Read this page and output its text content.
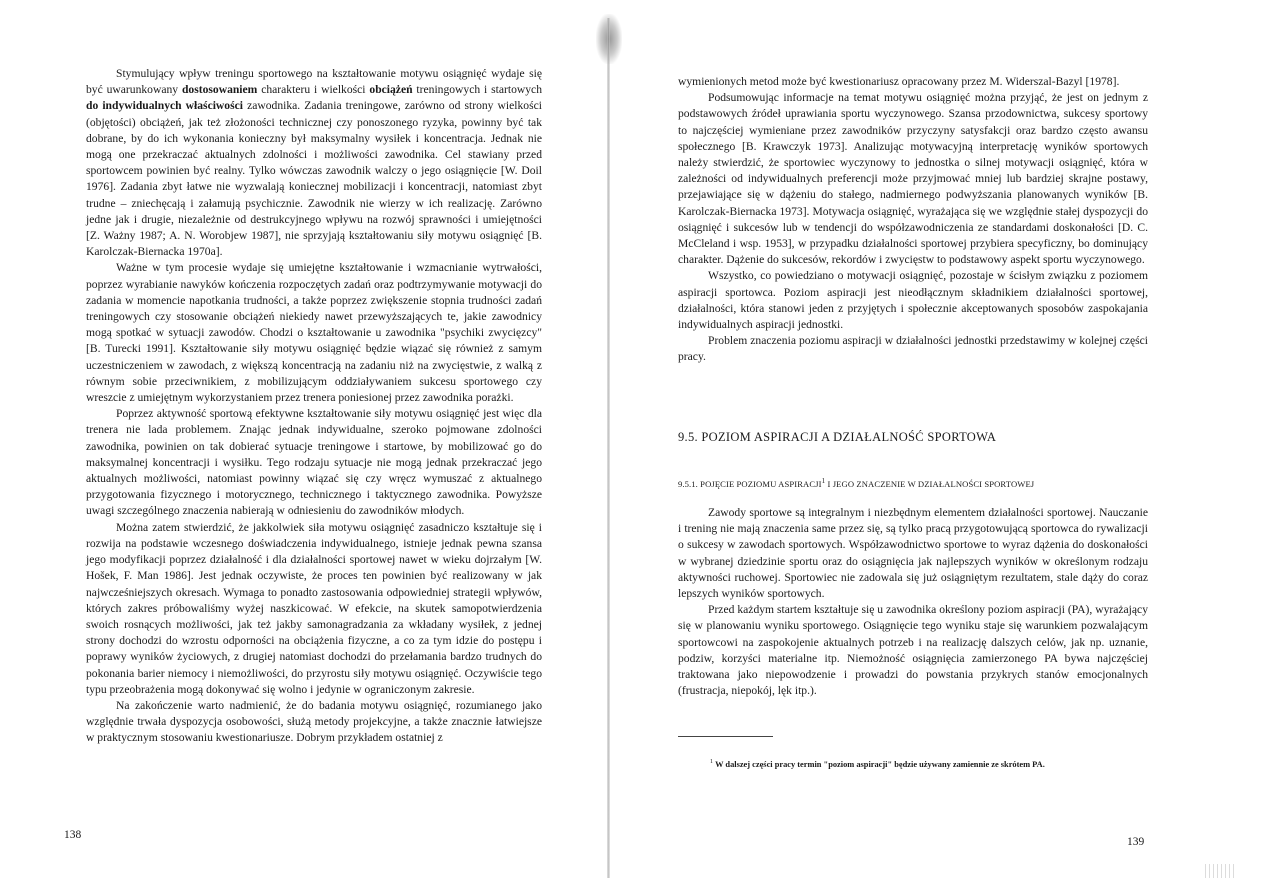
Stymulujący wpływ treningu sportowego na kształtowanie motywu osiągnięć wydaje się być uwarunkowany dostosowaniem charakteru i wielkości obciążeń treningowych i startowych do indywidualnych właściwości zawodnika. Zadania treningowe, zarówno od strony wielkości (objętości) obciążeń, jak też złożoności technicznej czy ponoszonego ryzyka, powinny być tak dobrane, by do ich wykonania konieczny był maksymalny wysiłek i koncentracja. Jednak nie mogą one przekraczać aktualnych zdolności i możliwości zawodnika. Cel stawiany przed sportowcem powinien być realny. Tylko wówczas zawodnik walczy o jego osiągnięcie [W. Doil 1976]. Zadania zbyt łatwe nie wyzwalają koniecznej mobilizacji i koncentracji, natomiast zbyt trudne – zniechęcają i załamują psychicznie. Zawodnik nie wierzy w ich realizację. Zarówno jedne jak i drugie, niezależnie od destrukcyjnego wpływu na rozwój sprawności i umiejętności [Z. Ważny 1987; A. N. Worobjew 1987], nie sprzyjają kształtowaniu siły motywu osiągnięć [B. Karolczak-Biernacka 1970a].

Ważne w tym procesie wydaje się umiejętne kształtowanie i wzmacnianie wytrwałości, poprzez wyrabianie nawyków kończenia rozpoczętych zadań oraz podtrzymywanie motywacji do zadania w momencie napotkania trudności, a także poprzez zwiększenie stopnia trudności zadań treningowych czy stosowanie obciążeń niekiedy nawet przewyższających te, jakie zawodnicy mogą spotkać w sytuacji zawodów. Chodzi o kształtowanie u zawodnika "psychiki zwycięzcy" [B. Turecki 1991]. Kształtowanie siły motywu osiągnięć będzie wiązać się również z samym uczestniczeniem w zawodach, z większą koncentracją na zadaniu niż na zwycięstwie, z walką z równym sobie przeciwnikiem, z mobilizującym oddziaływaniem sukcesu sportowego czy wreszcie z umiejętnym wykorzystaniem przez trenera poniesionej przez zawodnika porażki.

Poprzez aktywność sportową efektywne kształtowanie siły motywu osiągnięć jest więc dla trenera nie lada problemem. Znając jednak indywidualne, szeroko pojmowane zdolności zawodnika, powinien on tak dobierać sytuacje treningowe i startowe, by mobilizować go do maksymalnej koncentracji i wysiłku. Tego rodzaju sytuacje nie mogą jednak przekraczać jego aktualnych możliwości, natomiast powinny wiązać się czy wręcz wymuszać z aktualnego przygotowania fizycznego i motorycznego, technicznego i taktycznego zawodnika. Powyższe uwagi szczególnego znaczenia nabierają w odniesieniu do zawodników młodych.

Można zatem stwierdzić, że jakkolwiek siła motywu osiągnięć zasadniczo kształtuje się i rozwija na podstawie wczesnego doświadczenia indywidualnego, istnieje jednak pewna szansa jego modyfikacji poprzez działalność i dla działalności sportowej nawet w wieku dojrzałym [W. Hošek, F. Man 1986]. Jest jednak oczywiste, że proces ten powinien być realizowany w jak najwcześniejszych okresach. Wymaga to ponadto zastosowania odpowiedniej strategii wpływów, których zakres próbowaliśmy wyżej naszkicować. W efekcie, na skutek samopotwierdzenia swoich rosnących możliwości, jak też jakby samonagradzania za wkładany wysiłek, z jednej strony dochodzi do wzrostu odporności na obciążenia fizyczne, a co za tym idzie do postępu i poprawy wyników życiowych, z drugiej natomiast dochodzi do przełamania bardzo trudnych do pokonania barier niemocy i niemożliwości, do przyrostu siły motywu osiągnięć. Oczywiście tego typu przeobrażenia mogą dokonywać się wolno i jedynie w ograniczonym zakresie.

Na zakończenie warto nadmienić, że do badania motywu osiągnięć, rozumianego jako względnie trwała dyspozycja osobowości, służą metody projekcyjne, a także znacznie łatwiejsze w praktycznym stosowaniu kwestionariusze. Dobrym przykładem ostatniej z

138

wymienionych metod może być kwestionariusz opracowany przez M. Widerszal-Bazyl [1978].

Podsumowując informacje na temat motywu osiągnięć można przyjąć, że jest on jednym z podstawowych źródeł uprawiania sportu wyczynowego. Szansa przodownictwa, sukcesy sportowy to najczęściej wymieniane przez zawodników przyczyny satysfakcji oraz bardzo często awansu społecznego [B. Krawczyk 1973]. Analizując motywacyjną interpretację wyników sportowych należy stwierdzić, że sportowiec wyczynowy to jednostka o silnej motywacji osiągnięć, która w zależności od indywidualnych preferencji może przyjmować mniej lub bardziej skrajne postawy, przejawiające się w dążeniu do stałego, nadmiernego podwyższania planowanych wyników [B. Karolczak-Biernacka 1973]. Motywacja osiągnięć, wyrażająca się we względnie stałej dyspozycji do osiągnięć i sukcesów lub w tendencji do współzawodniczenia ze standardami doskonałości [D. C. McCleland i wsp. 1953], w przypadku działalności sportowej przybiera specyficzny, bo dominujący charakter. Dążenie do sukcesów, rekordów i zwycięstw to podstawowy aspekt sportu wyczynowego.

Wszystko, co powiedziano o motywacji osiągnięć, pozostaje w ścisłym związku z poziomem aspiracji sportowca. Poziom aspiracji jest nieodłącznym składnikiem działalności sportowej, działalności, która stanowi jeden z przyjętych i społecznie akceptowanych sposobów zaspokajania indywidualnych aspiracji jednostki.

Problem znaczenia poziomu aspiracji w działalności jednostki przedstawimy w kolejnej części pracy.

9.5. POZIOM ASPIRACJI A DZIAŁALNOŚĆ SPORTOWA
9.5.1. POJĘCIE POZIOMU ASPIRACJI$^1$ I JEGO ZNACZENIE W DZIAŁALNOŚCI SPORTOWEJ

Zawody sportowe są integralnym i niezbędnym elementem działalności sportowej. Nauczanie i trening nie mają znaczenia same przez się, są tylko pracą przygotowującą sportowca do rywalizacji o sukcesy w zawodach sportowych. Współzawodnictwo sportowe to wyraz dążenia do doskonałości w wybranej dziedzinie sportu oraz do osiągnięcia jak najlepszych wyników w określonym rodzaju aktywności ruchowej. Sportowiec nie zadowala się już osiągniętym rezultatem, stale dąży do coraz lepszych wyników sportowych.

Przed każdym startem kształtuje się u zawodnika określony poziom aspiracji (PA), wyrażający się w planowaniu wyniku sportowego. Osiągnięcie tego wyniku staje się warunkiem pozwalającym sportowcowi na zaspokojenie aktualnych potrzeb i na realizację dalszych celów, jak np. uznanie, podziw, korzyści materialne itp. Niemożność osiągnięcia zamierzonego PA bywa najczęściej traktowana jako niepowodzenie i prowadzi do powstania przykrych stanów emocjonalnych (frustracja, niepokój, lęk itp.).

$^1$ W dalszej części pracy termin "poziom aspiracji" będzie używany zamiennie ze skrótem PA.
139
